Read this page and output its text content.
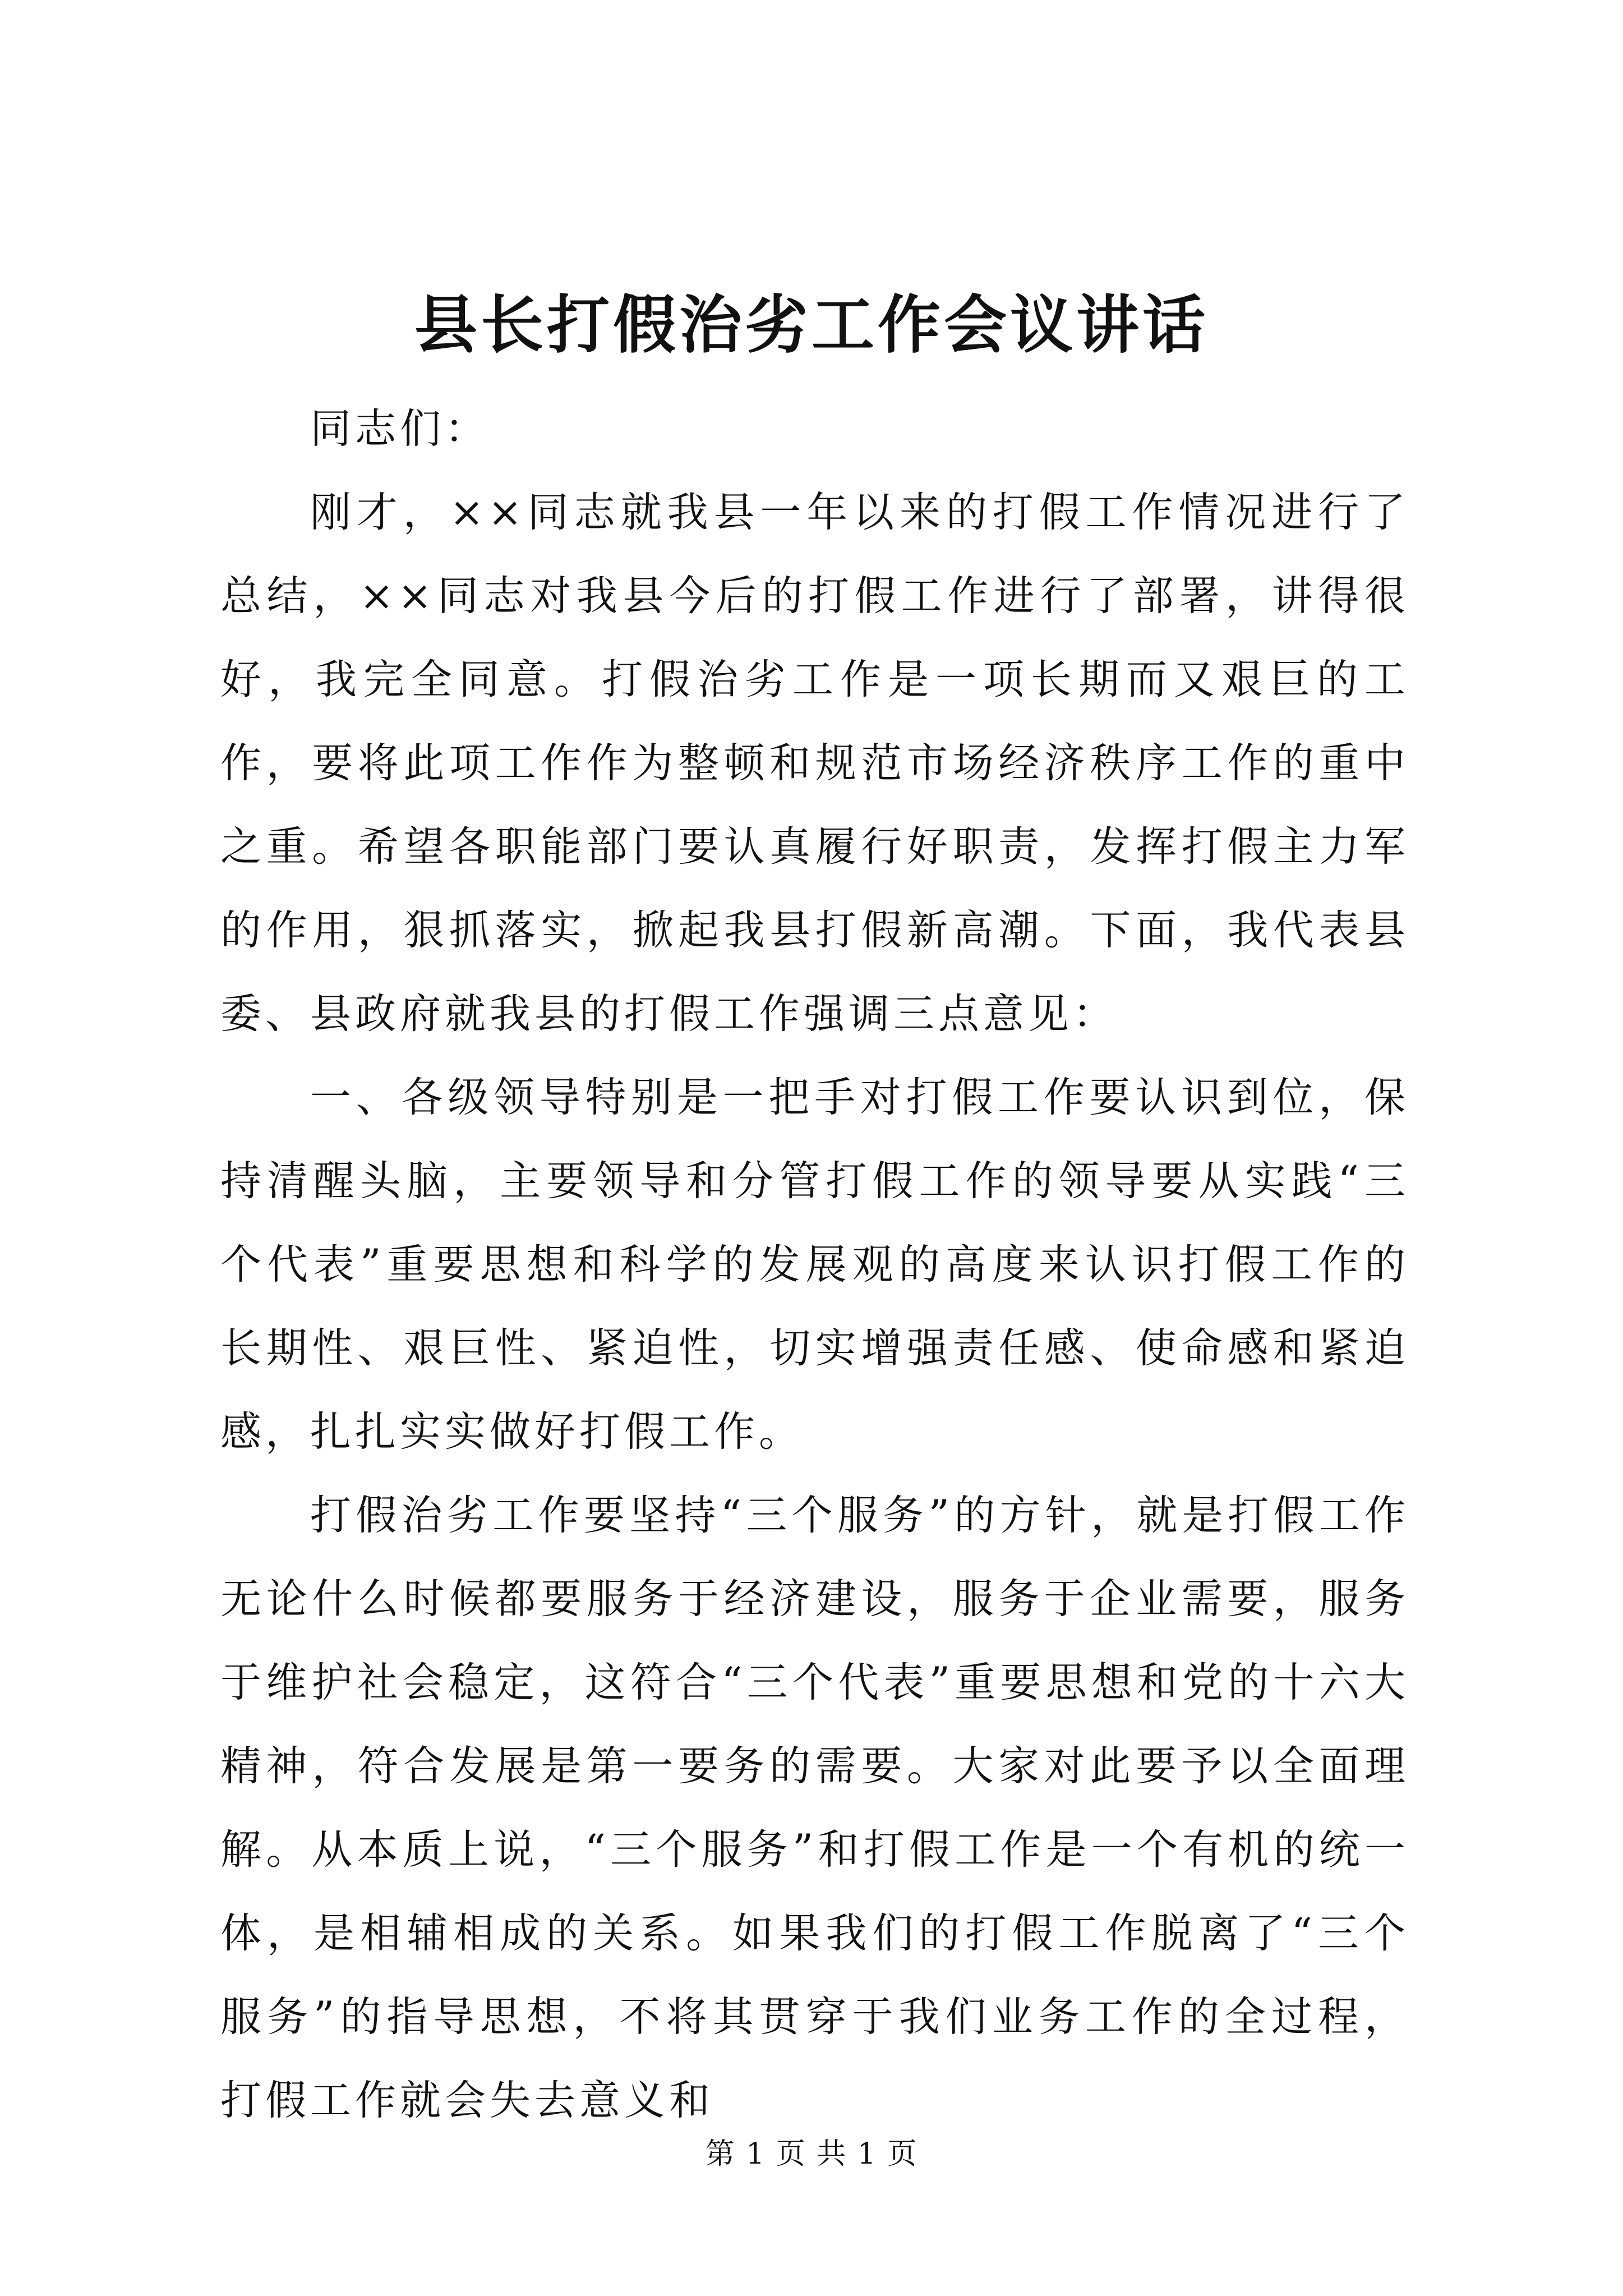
县长打假治劣工作会议讲话

同志们：

刚才，××同志就我县一年以来的打假工作情况进行了总结，××同志对我县今后的打假工作进行了部署，讲得很好，我完全同意。打假治劣工作是一项长期而又艰巨的工作，要将此项工作作为整顿和规范市场经济秩序工作的重中之重。希望各职能部门要认真履行好职责，发挥打假主力军的作用，狠抓落实，掀起我县打假新高潮。下面，我代表县委、县政府就我县的打假工作强调三点意见：

一、各级领导特别是一把手对打假工作要认识到位，保持清醒头脑，主要领导和分管打假工作的领导要从实践“三个代表”重要思想和科学的发展观的高度来认识打假工作的长期性、艰巨性、紧迫性，切实增强责任感、使命感和紧迫感，扎扎实实做好打假工作。

打假治劣工作要坚持“三个服务”的方针，就是打假工作无论什么时候都要服务于经济建设，服务于企业需要，服务于维护社会稳定，这符合“三个代表”重要思想和党的十六大精神，符合发展是第一要务的需要。大家对此要予以全面理解。从本质上说，“三个服务”和打假工作是一个有机的统一体，是相辅相成的关系。如果我们的打假工作脱离了“三个服务”的指导思想，不将其贯穿于我们业务工作的全过程，打假工作就会失去意义和

第 1 页 共 1 页
